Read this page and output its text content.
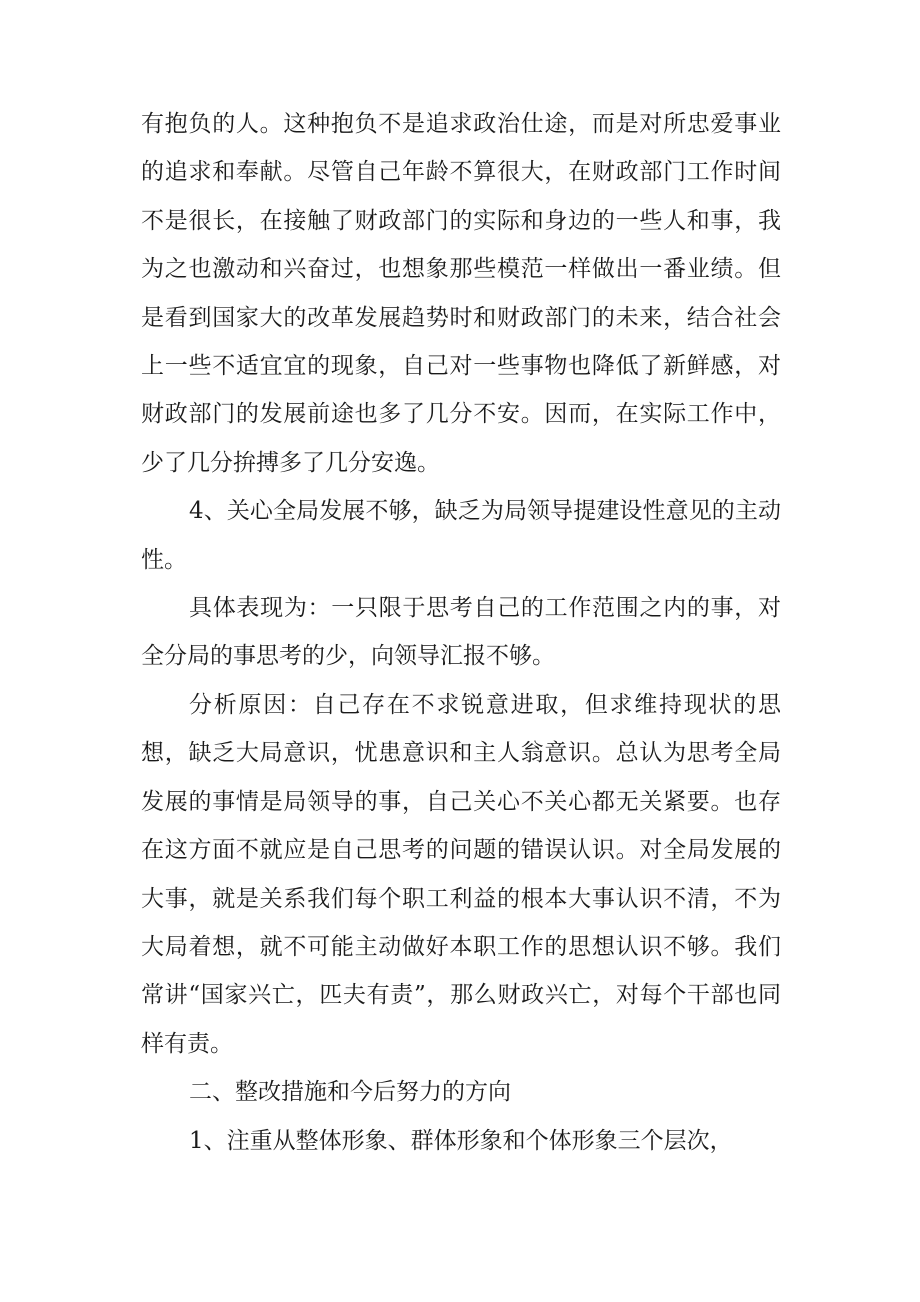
有抱负的人。这种抱负不是追求政治仕途，而是对所忠爱事业的追求和奉献。尽管自己年龄不算很大，在财政部门工作时间不是很长，在接触了财政部门的实际和身边的一些人和事，我为之也激动和兴奋过，也想象那些模范一样做出一番业绩。但是看到国家大的改革发展趋势时和财政部门的未来，结合社会上一些不适宜宜的现象，自己对一些事物也降低了新鲜感，对财政部门的发展前途也多了几分不安。因而，在实际工作中，少了几分拚搏多了几分安逸。

4、关心全局发展不够，缺乏为局领导提建设性意见的主动性。

具体表现为：一只限于思考自己的工作范围之内的事，对全分局的事思考的少，向领导汇报不够。

分析原因：自己存在不求锐意进取，但求维持现状的思想，缺乏大局意识，忧患意识和主人翁意识。总认为思考全局发展的事情是局领导的事，自己关心不关心都无关紧要。也存在这方面不就应是自己思考的问题的错误认识。对全局发展的大事，就是关系我们每个职工利益的根本大事认识不清，不为大局着想，就不可能主动做好本职工作的思想认识不够。我们常讲“国家兴亡，匹夫有责”，那么财政兴亡，对每个干部也同样有责。

二、整改措施和今后努力的方向

1、注重从整体形象、群体形象和个体形象三个层次，
